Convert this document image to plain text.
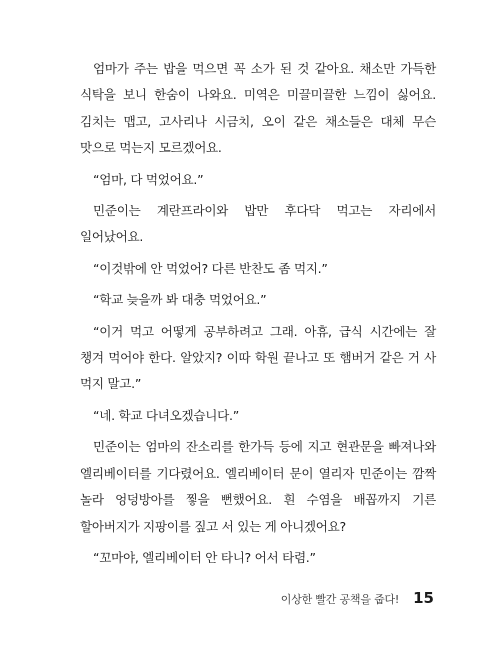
엄마가 주는 밥을 먹으면 꼭 소가 된 것 같아요. 채소만 가득한 식탁을 보니 한숨이 나와요. 미역은 미끌미끌한 느낌이 싫어요. 김치는 맵고, 고사리나 시금치, 오이 같은 채소들은 대체 무슨 맛으로 먹는지 모르겠어요.

“엄마, 다 먹었어요.”

민준이는 계란프라이와 밥만 후다닥 먹고는 자리에서 일어났어요.

“이것밖에 안 먹었어? 다른 반찬도 좀 먹지.”

“학교 늦을까 봐 대충 먹었어요.”

“이거 먹고 어떻게 공부하려고 그래. 아휴, 급식 시간에는 잘 챙겨 먹어야 한다. 알았지? 이따 학원 끝나고 또 햄버거 같은 거 사 먹지 말고.”

“네. 학교 다녀오겠습니다.”

민준이는 엄마의 잔소리를 한가득 등에 지고 현관문을 빠져나와 엘리베이터를 기다렸어요. 엘리베이터 문이 열리자 민준이는 깜짝 놀라 엉덩방아를 찧을 뻔했어요. 흰 수염을 배꼽까지 기른 할아버지가 지팡이를 짚고 서 있는 게 아니겠어요?

“꼬마야, 엘리베이터 안 타니? 어서 타렴.”

이상한 빨간 공책을 줍다! 15
